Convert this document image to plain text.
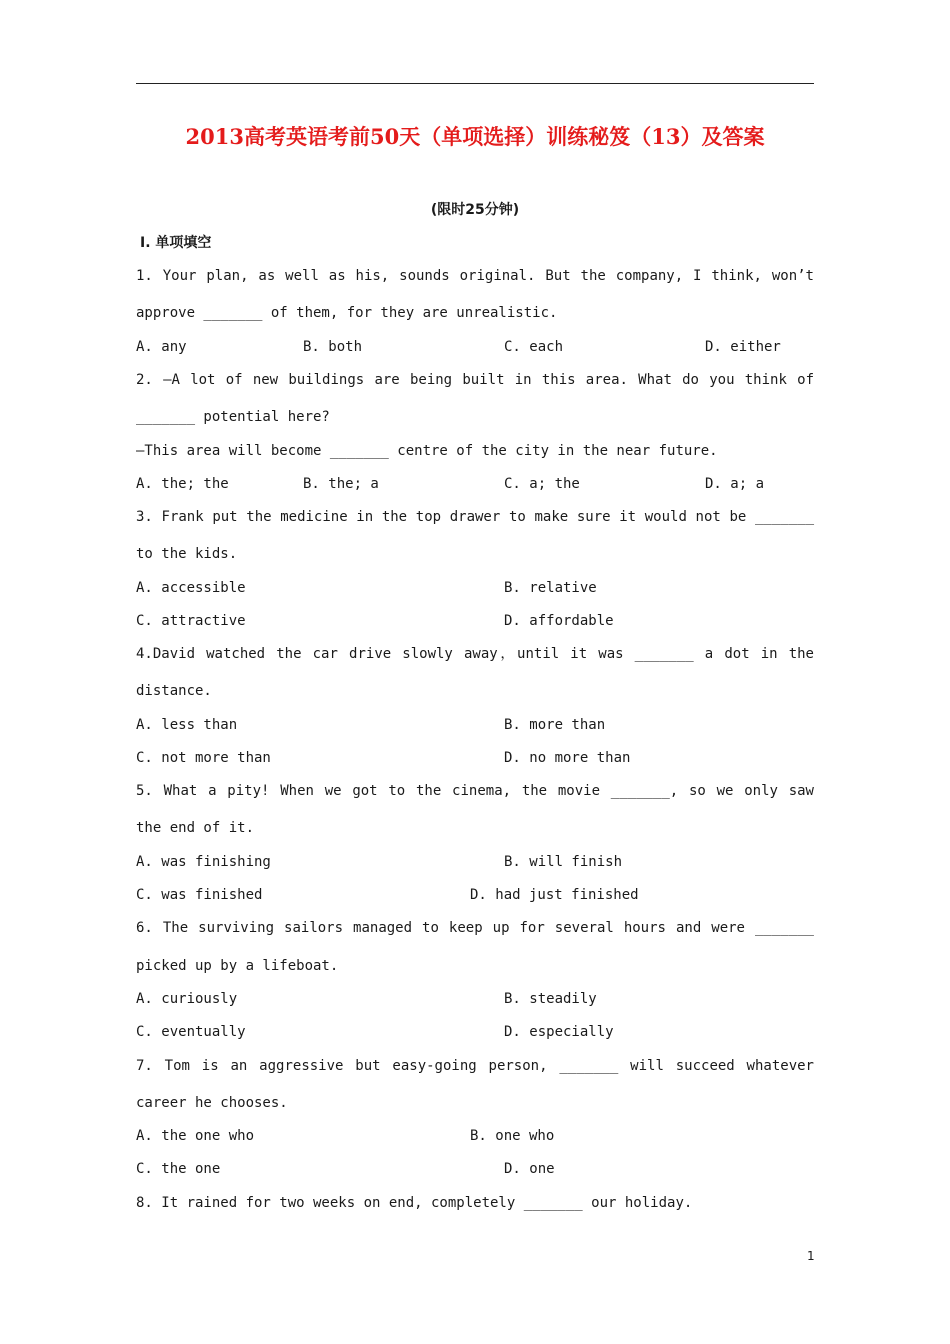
2013高考英语考前50天（单项选择）训练秘笈（13）及答案
(限时25分钟)
Ⅰ. 单项填空
1. Your plan, as well as his, sounds original. But the company, I think, won’t
approve _______ of them, for they are unrealistic.
A. any	B. both	C. each	D. either
2. —A lot of new buildings are being built in this area. What do you think of
_______ potential here?
—This area will become _______ centre of the city in the near future.
A. the; the	B. the; a	C. a; the	D. a; a
3. Frank put the medicine in the top drawer to make sure it would not be _______
to the kids.
A. accessible	B. relative
C. attractive	D. affordable
4.David watched the car drive slowly away，until it was _______ a dot in the
distance.
A. less than	B. more than
C. not more than	D. no more than
5. What a pity! When we got to the cinema, the movie _______, so we only saw
the end of it.
A. was finishing	B. will finish
C. was finished	D. had just finished
6. The surviving sailors managed to keep up for several hours and were _______
picked up by a lifeboat.
A. curiously	B. steadily
C. eventually	D. especially
7. Tom is an aggressive but easy-going person, _______ will succeed whatever
career he chooses.
A. the one who	B. one who
C. the one	D. one
8. It rained for two weeks on end, completely _______ our holiday.
1
